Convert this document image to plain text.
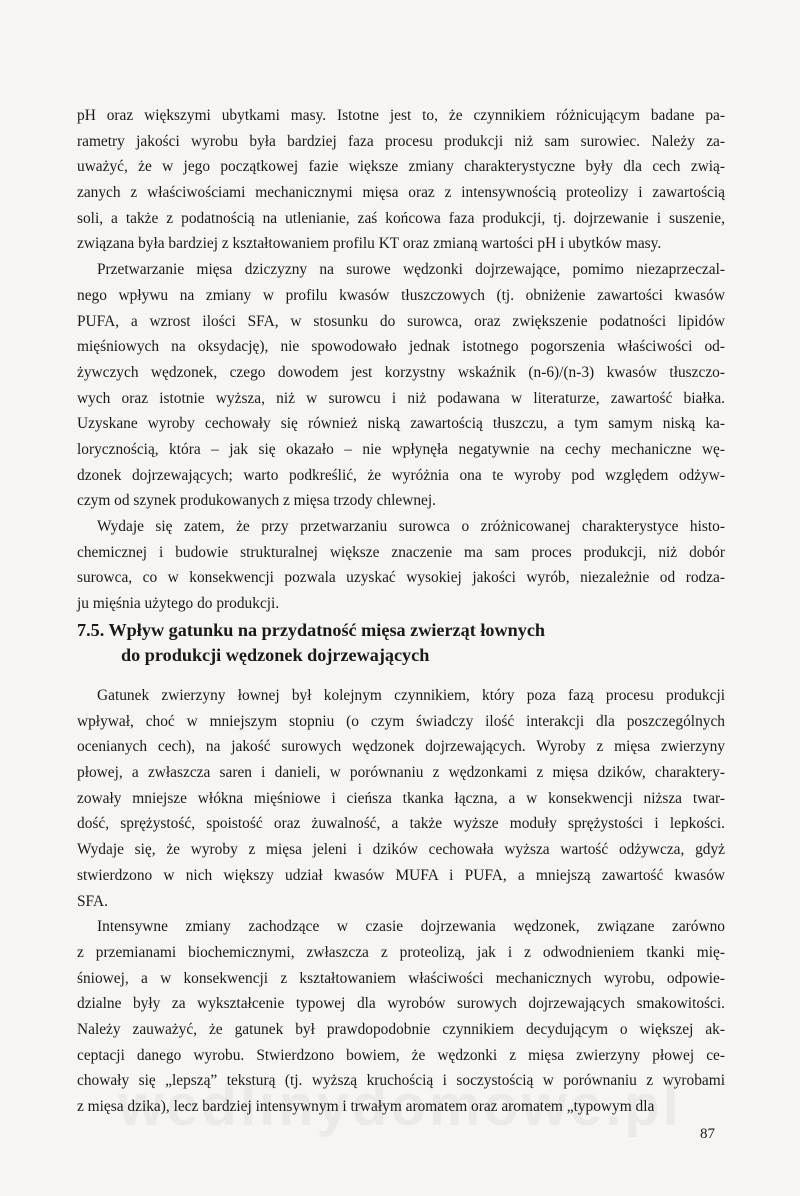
pH oraz większymi ubytkami masy. Istotne jest to, że czynnikiem różnicującym badane pa-
rametry jakości wyrobu była bardziej faza procesu produkcji niż sam surowiec. Należy za-
uważyć, że w jego początkowej fazie większe zmiany charakterystyczne były dla cech zwią-
zanych z właściwościami mechanicznymi mięsa oraz z intensywnością proteolizy i zawartością
soli, a także z podatnością na utlenianie, zaś końcowa faza produkcji, tj. dojrzewanie i suszenie,
związana była bardziej z kształtowaniem profilu KT oraz zmianą wartości pH i ubytków masy.
Przetwarzanie mięsa dziczyzny na surowe wędzonki dojrzewające, pomimo niezaprzeczal-
nego wpływu na zmiany w profilu kwasów tłuszczowych (tj. obniżenie zawartości kwasów
PUFA, a wzrost ilości SFA, w stosunku do surowca, oraz zwiększenie podatności lipidów
mięśniowych na oksydację), nie spowodowało jednak istotnego pogorszenia właściwości od-
żywczych wędzonek, czego dowodem jest korzystny wskaźnik (n-6)/(n-3) kwasów tłuszczo-
wych oraz istotnie wyższa, niż w surowcu i niż podawana w literaturze, zawartość białka.
Uzyskane wyroby cechowały się również niską zawartością tłuszczu, a tym samym niską ka-
lorycznością, która – jak się okazało – nie wpłynęła negatywnie na cechy mechaniczne wę-
dzonek dojrzewających; warto podkreślić, że wyróżnia ona te wyroby pod względem odżyw-
czym od szynek produkowanych z mięsa trzody chlewnej.
Wydaje się zatem, że przy przetwarzaniu surowca o zróżnicowanej charakterystyce histo-
chemicznej i budowie strukturalnej większe znaczenie ma sam proces produkcji, niż dobór
surowca, co w konsekwencji pozwala uzyskać wysokiej jakości wyrób, niezależnie od rodza-
ju mięśnia użytego do produkcji.
7.5. Wpływ gatunku na przydatność mięsa zwierząt łownych
do produkcji wędzonek dojrzewających
Gatunek zwierzyny łownej był kolejnym czynnikiem, który poza fazą procesu produkcji
wpływał, choć w mniejszym stopniu (o czym świadczy ilość interakcji dla poszczególnych
ocenianych cech), na jakość surowych wędzonek dojrzewających. Wyroby z mięsa zwierzyny
płowej, a zwłaszcza saren i danieli, w porównaniu z wędzonkami z mięsa dzików, charaktery-
zowały mniejsze włókna mięśniowe i cieńsza tkanka łączna, a w konsekwencji niższa twar-
dość, sprężystość, spoistość oraz żuwalność, a także wyższe moduły sprężystości i lepkości.
Wydaje się, że wyroby z mięsa jeleni i dzików cechowała wyższa wartość odżywcza, gdyż
stwierdzono w nich większy udział kwasów MUFA i PUFA, a mniejszą zawartość kwasów
SFA.
Intensywne zmiany zachodzące w czasie dojrzewania wędzonek, związane zarówno
z przemianami biochemicznymi, zwłaszcza z proteolizą, jak i z odwodnieniem tkanki mię-
śniowej, a w konsekwencji z kształtowaniem właściwości mechanicznych wyrobu, odpowie-
dzialne były za wykształcenie typowej dla wyrobów surowych dojrzewających smakowitości.
Należy zauważyć, że gatunek był prawdopodobnie czynnikiem decydującym o większej ak-
ceptacji danego wyrobu. Stwierdzono bowiem, że wędzonki z mięsa zwierzyny płowej ce-
chowały się „lepszą” teksturą (tj. wyższą kruchością i soczystością w porównaniu z wyrobami
z mięsa dzika), lecz bardziej intensywnym i trwałym aromatem oraz aromatem „typowym dla
87
